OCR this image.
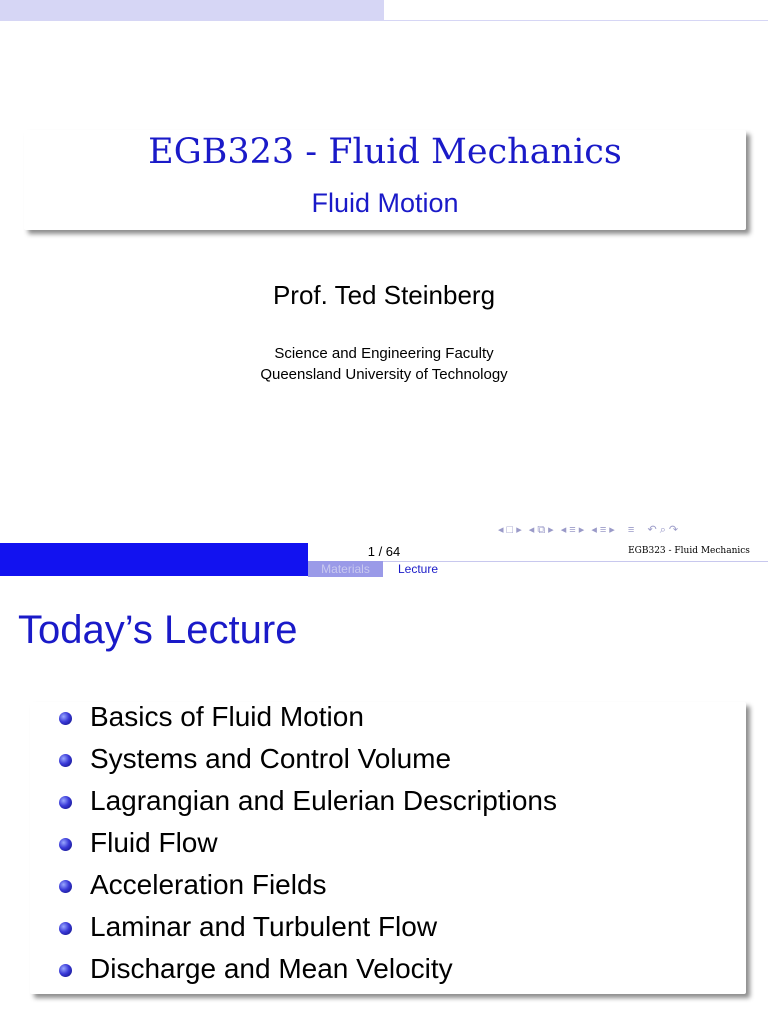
EGB323 - Fluid Mechanics
Fluid Motion
Prof. Ted Steinberg
Science and Engineering Faculty
Queensland University of Technology
◂ □ ▸ ◂ ⧉ ▸ ◂ ≡ ▸ ◂ ≡ ▸ ≡ ↶ ⌕ ↷
1 / 64	EGB323 - Fluid Mechanics
Materials	Lecture
Today’s Lecture
Basics of Fluid Motion
Systems and Control Volume
Lagrangian and Eulerian Descriptions
Fluid Flow
Acceleration Fields
Laminar and Turbulent Flow
Discharge and Mean Velocity
